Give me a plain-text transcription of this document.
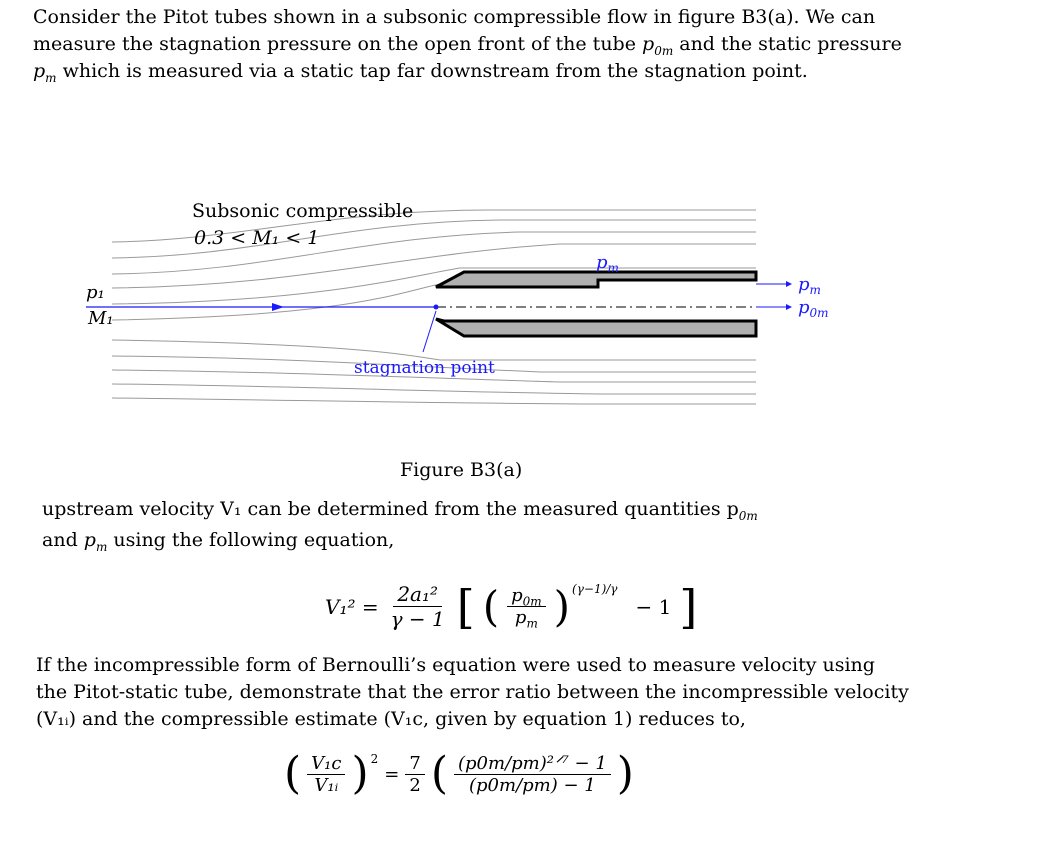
Consider the Pitot tubes shown in a subsonic compressible flow in figure B3(a). We can
measure the stagnation pressure on the open front of the tube $p_{0m}$ and the static pressure
$p_m$ which is measured via a static tap far downstream from the stagnation point.
Subsonic compressible
0.3 < M₁ < 1
p₁
M₁
$p_m$
$p_m$
$p_{0m}$
stagnation point
Figure B3(a)
upstream velocity V₁ can be determined from the measured quantities $p_{0m}$
and $p_m$ using the following equation,
$V_1^2 = \frac{\text{2a₁²}}{\gamma - 1}$ [ ( $\frac{p_{0m}}{p_m}$ ) (γ−1)/γ
− 1 ]
If the incompressible form of Bernoulli’s equation were used to measure velocity using
the Pitot-static tube, demonstrate that the error ratio between the incompressible velocity
(V₁ᵢ) and the compressible estimate (V₁c, given by equation 1) reduces to,
( $\frac{\text{V₁c}}{\text{V₁ᵢ}}$ ) 2
= $\frac{7}{2}$ ( $\frac{\text{(p0m/pm)²ᐟ⁷ − 1}}{(p0m/pm) - 1}$ )
